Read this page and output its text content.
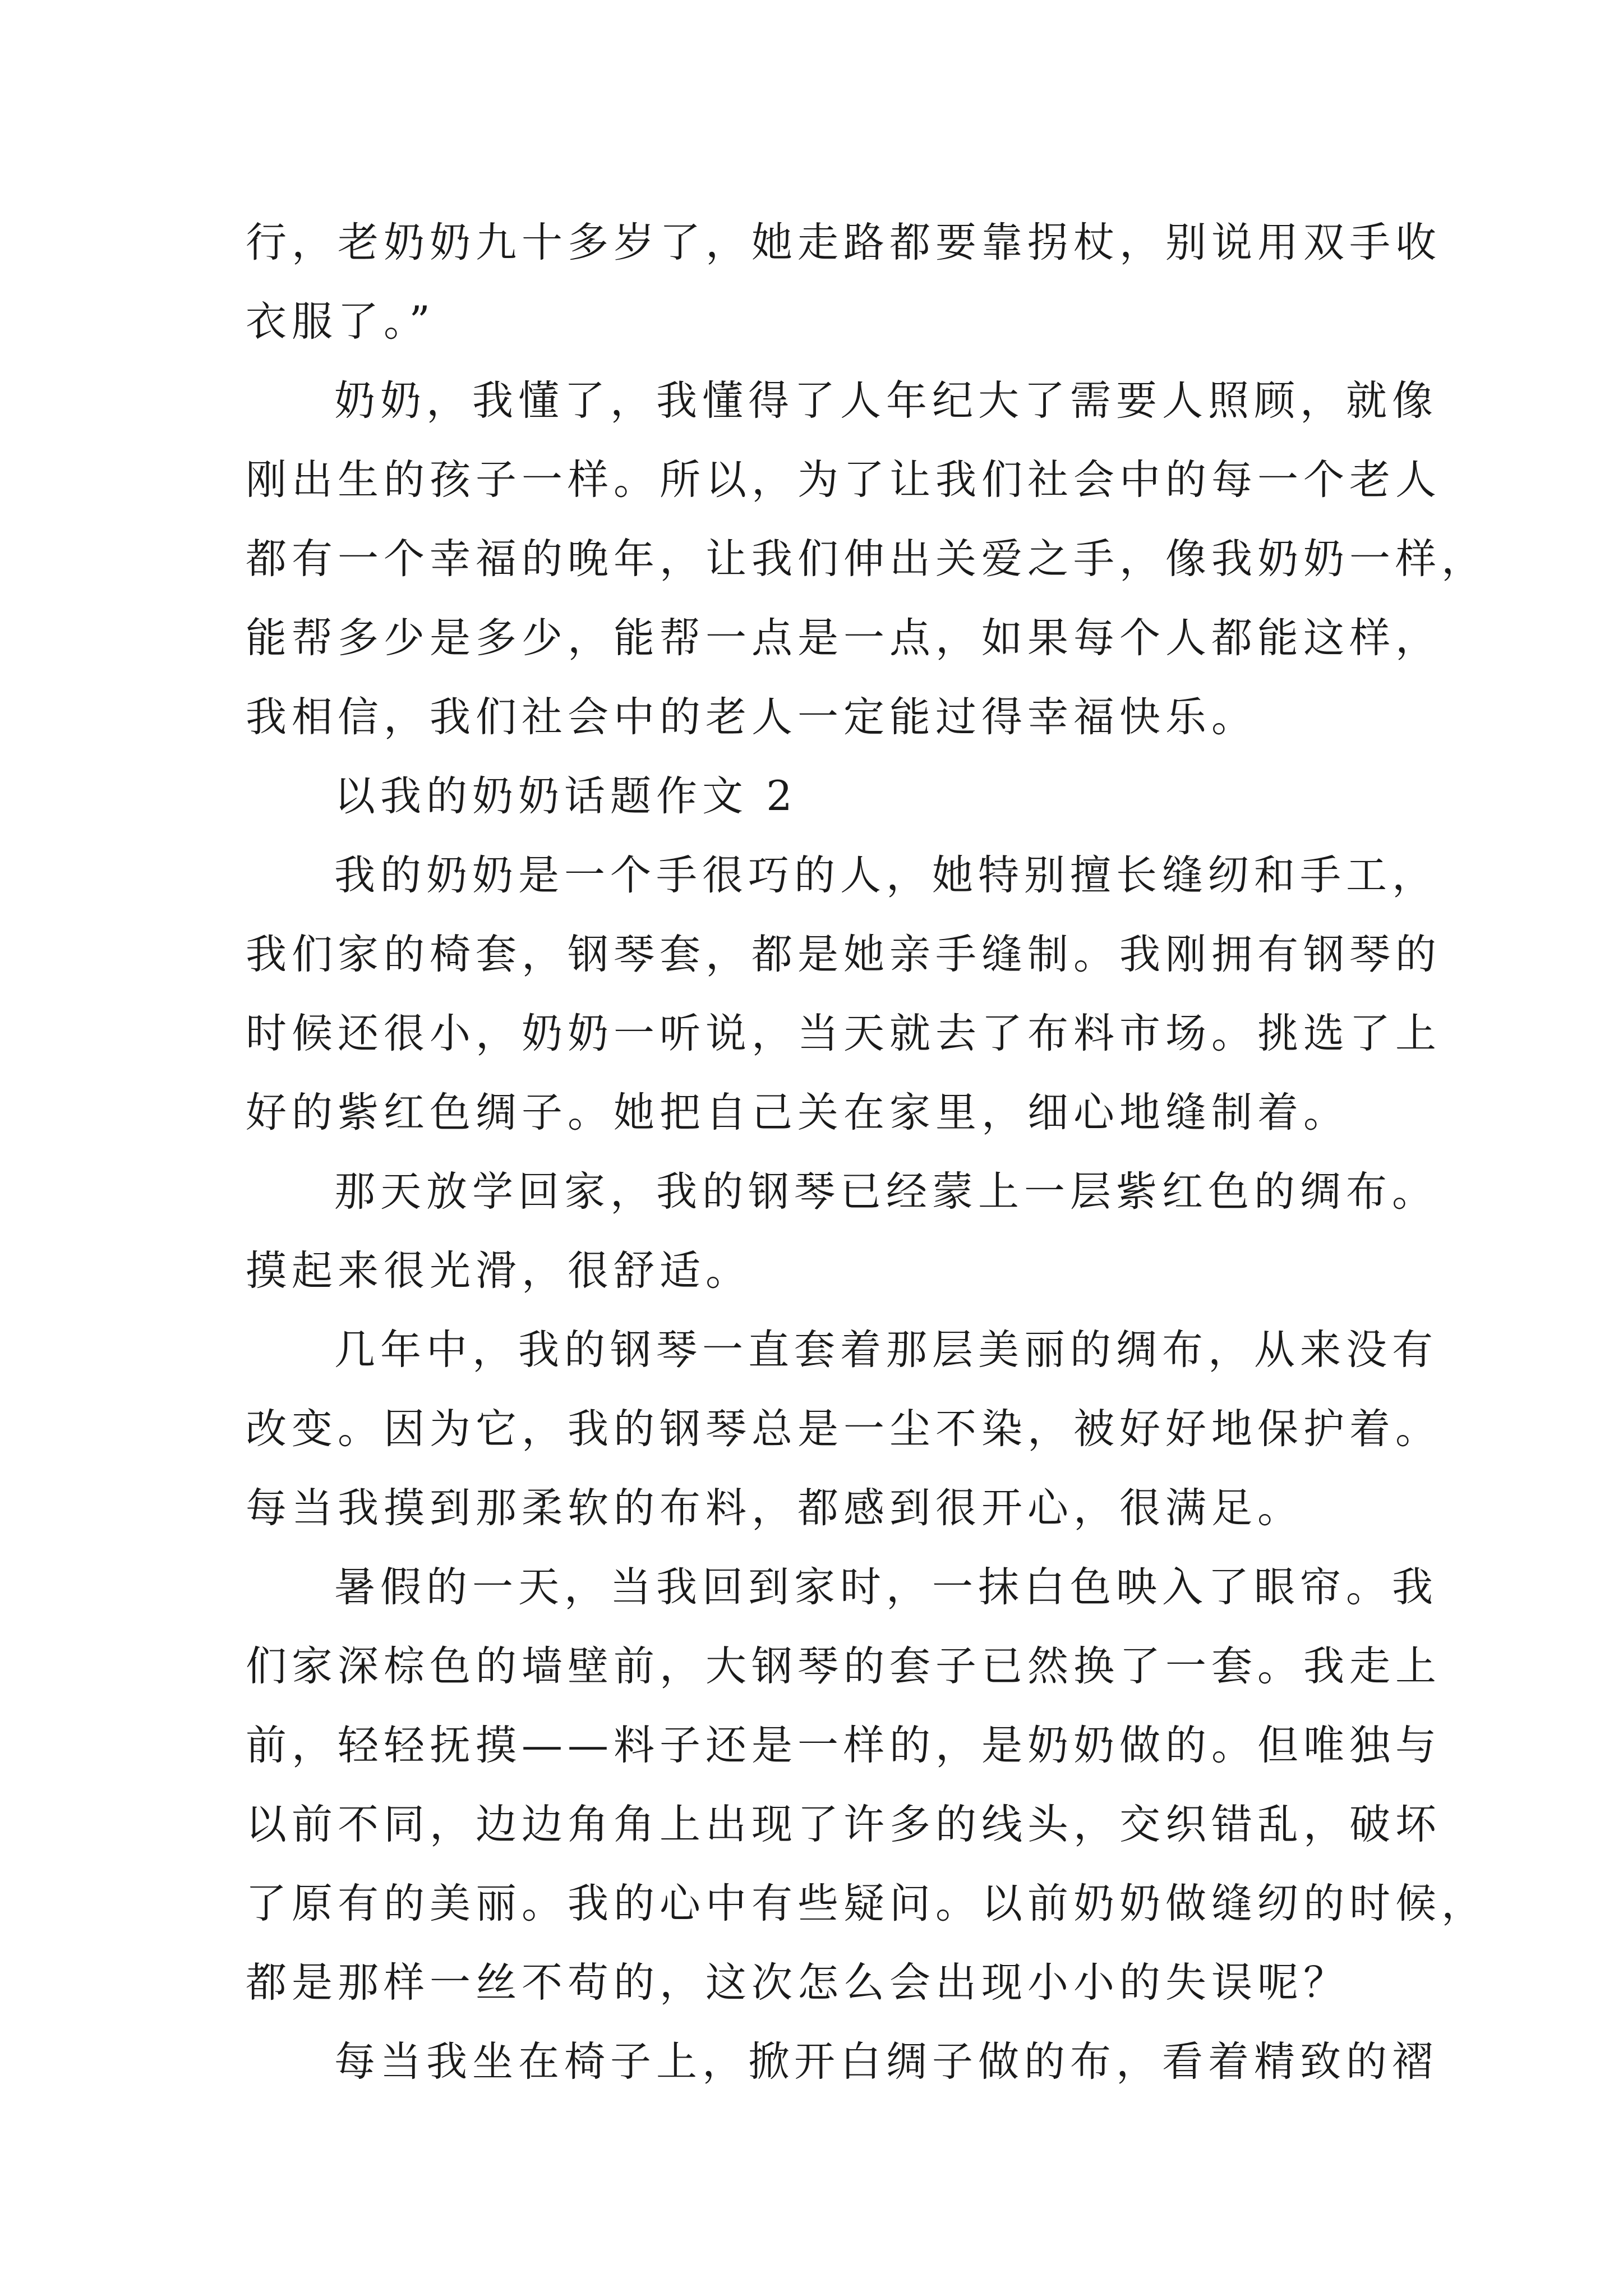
行，老奶奶九十多岁了，她走路都要靠拐杖，别说用双手收
衣服了。”
奶奶，我懂了，我懂得了人年纪大了需要人照顾，就像
刚出生的孩子一样。所以，为了让我们社会中的每一个老人
都有一个幸福的晚年，让我们伸出关爱之手，像我奶奶一样，
能帮多少是多少，能帮一点是一点，如果每个人都能这样，
我相信，我们社会中的老人一定能过得幸福快乐。
以我的奶奶话题作文 2
我的奶奶是一个手很巧的人，她特别擅长缝纫和手工，
我们家的椅套，钢琴套，都是她亲手缝制。我刚拥有钢琴的
时候还很小，奶奶一听说，当天就去了布料市场。挑选了上
好的紫红色绸子。她把自己关在家里，细心地缝制着。
那天放学回家，我的钢琴已经蒙上一层紫红色的绸布。
摸起来很光滑，很舒适。
几年中，我的钢琴一直套着那层美丽的绸布，从来没有
改变。因为它，我的钢琴总是一尘不染，被好好地保护着。
每当我摸到那柔软的布料，都感到很开心，很满足。
暑假的一天，当我回到家时，一抹白色映入了眼帘。我
们家深棕色的墙壁前，大钢琴的套子已然换了一套。我走上
前，轻轻抚摸——料子还是一样的，是奶奶做的。但唯独与
以前不同，边边角角上出现了许多的线头，交织错乱，破坏
了原有的美丽。我的心中有些疑问。以前奶奶做缝纫的时候，
都是那样一丝不苟的，这次怎么会出现小小的失误呢？
每当我坐在椅子上，掀开白绸子做的布，看着精致的褶
